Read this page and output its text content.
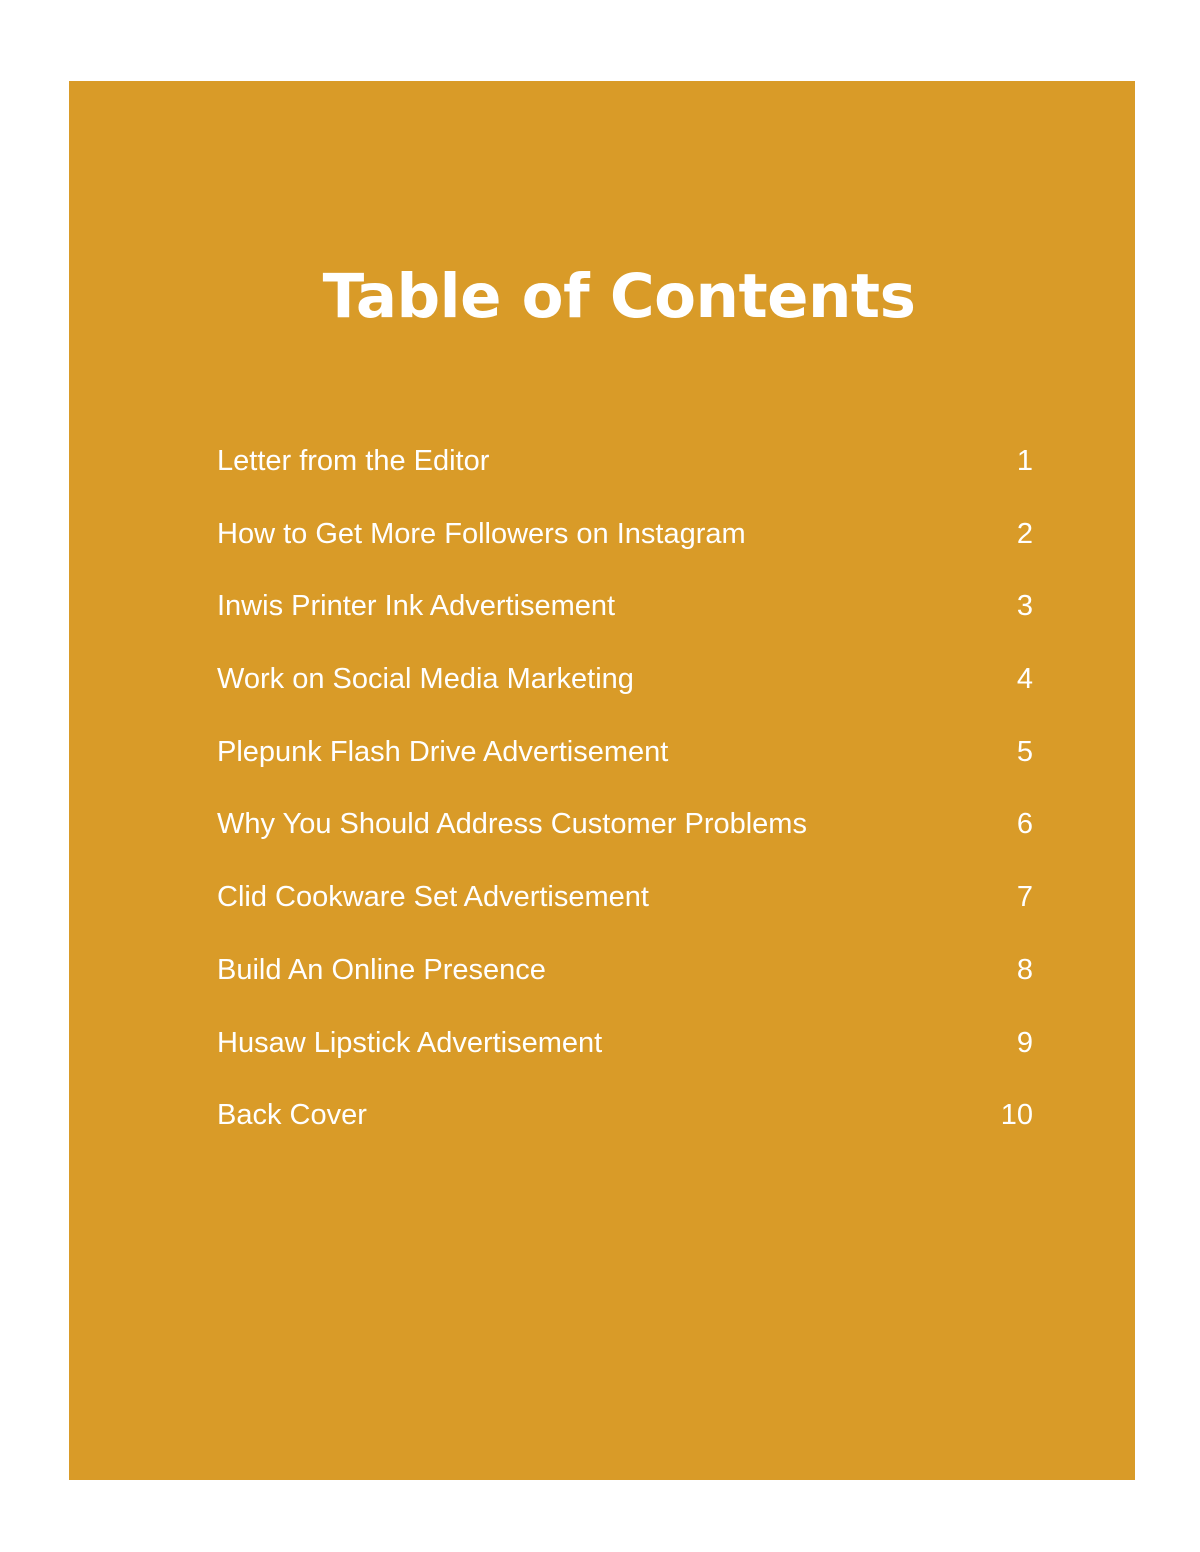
Table of Contents
Letter from the Editor	1
How to Get More Followers on Instagram	2
Inwis Printer Ink Advertisement	3
Work on Social Media Marketing	4
Plepunk Flash Drive Advertisement	5
Why You Should Address Customer Problems	6
Clid Cookware Set Advertisement	7
Build An Online Presence	8
Husaw Lipstick Advertisement	9
Back Cover	10
